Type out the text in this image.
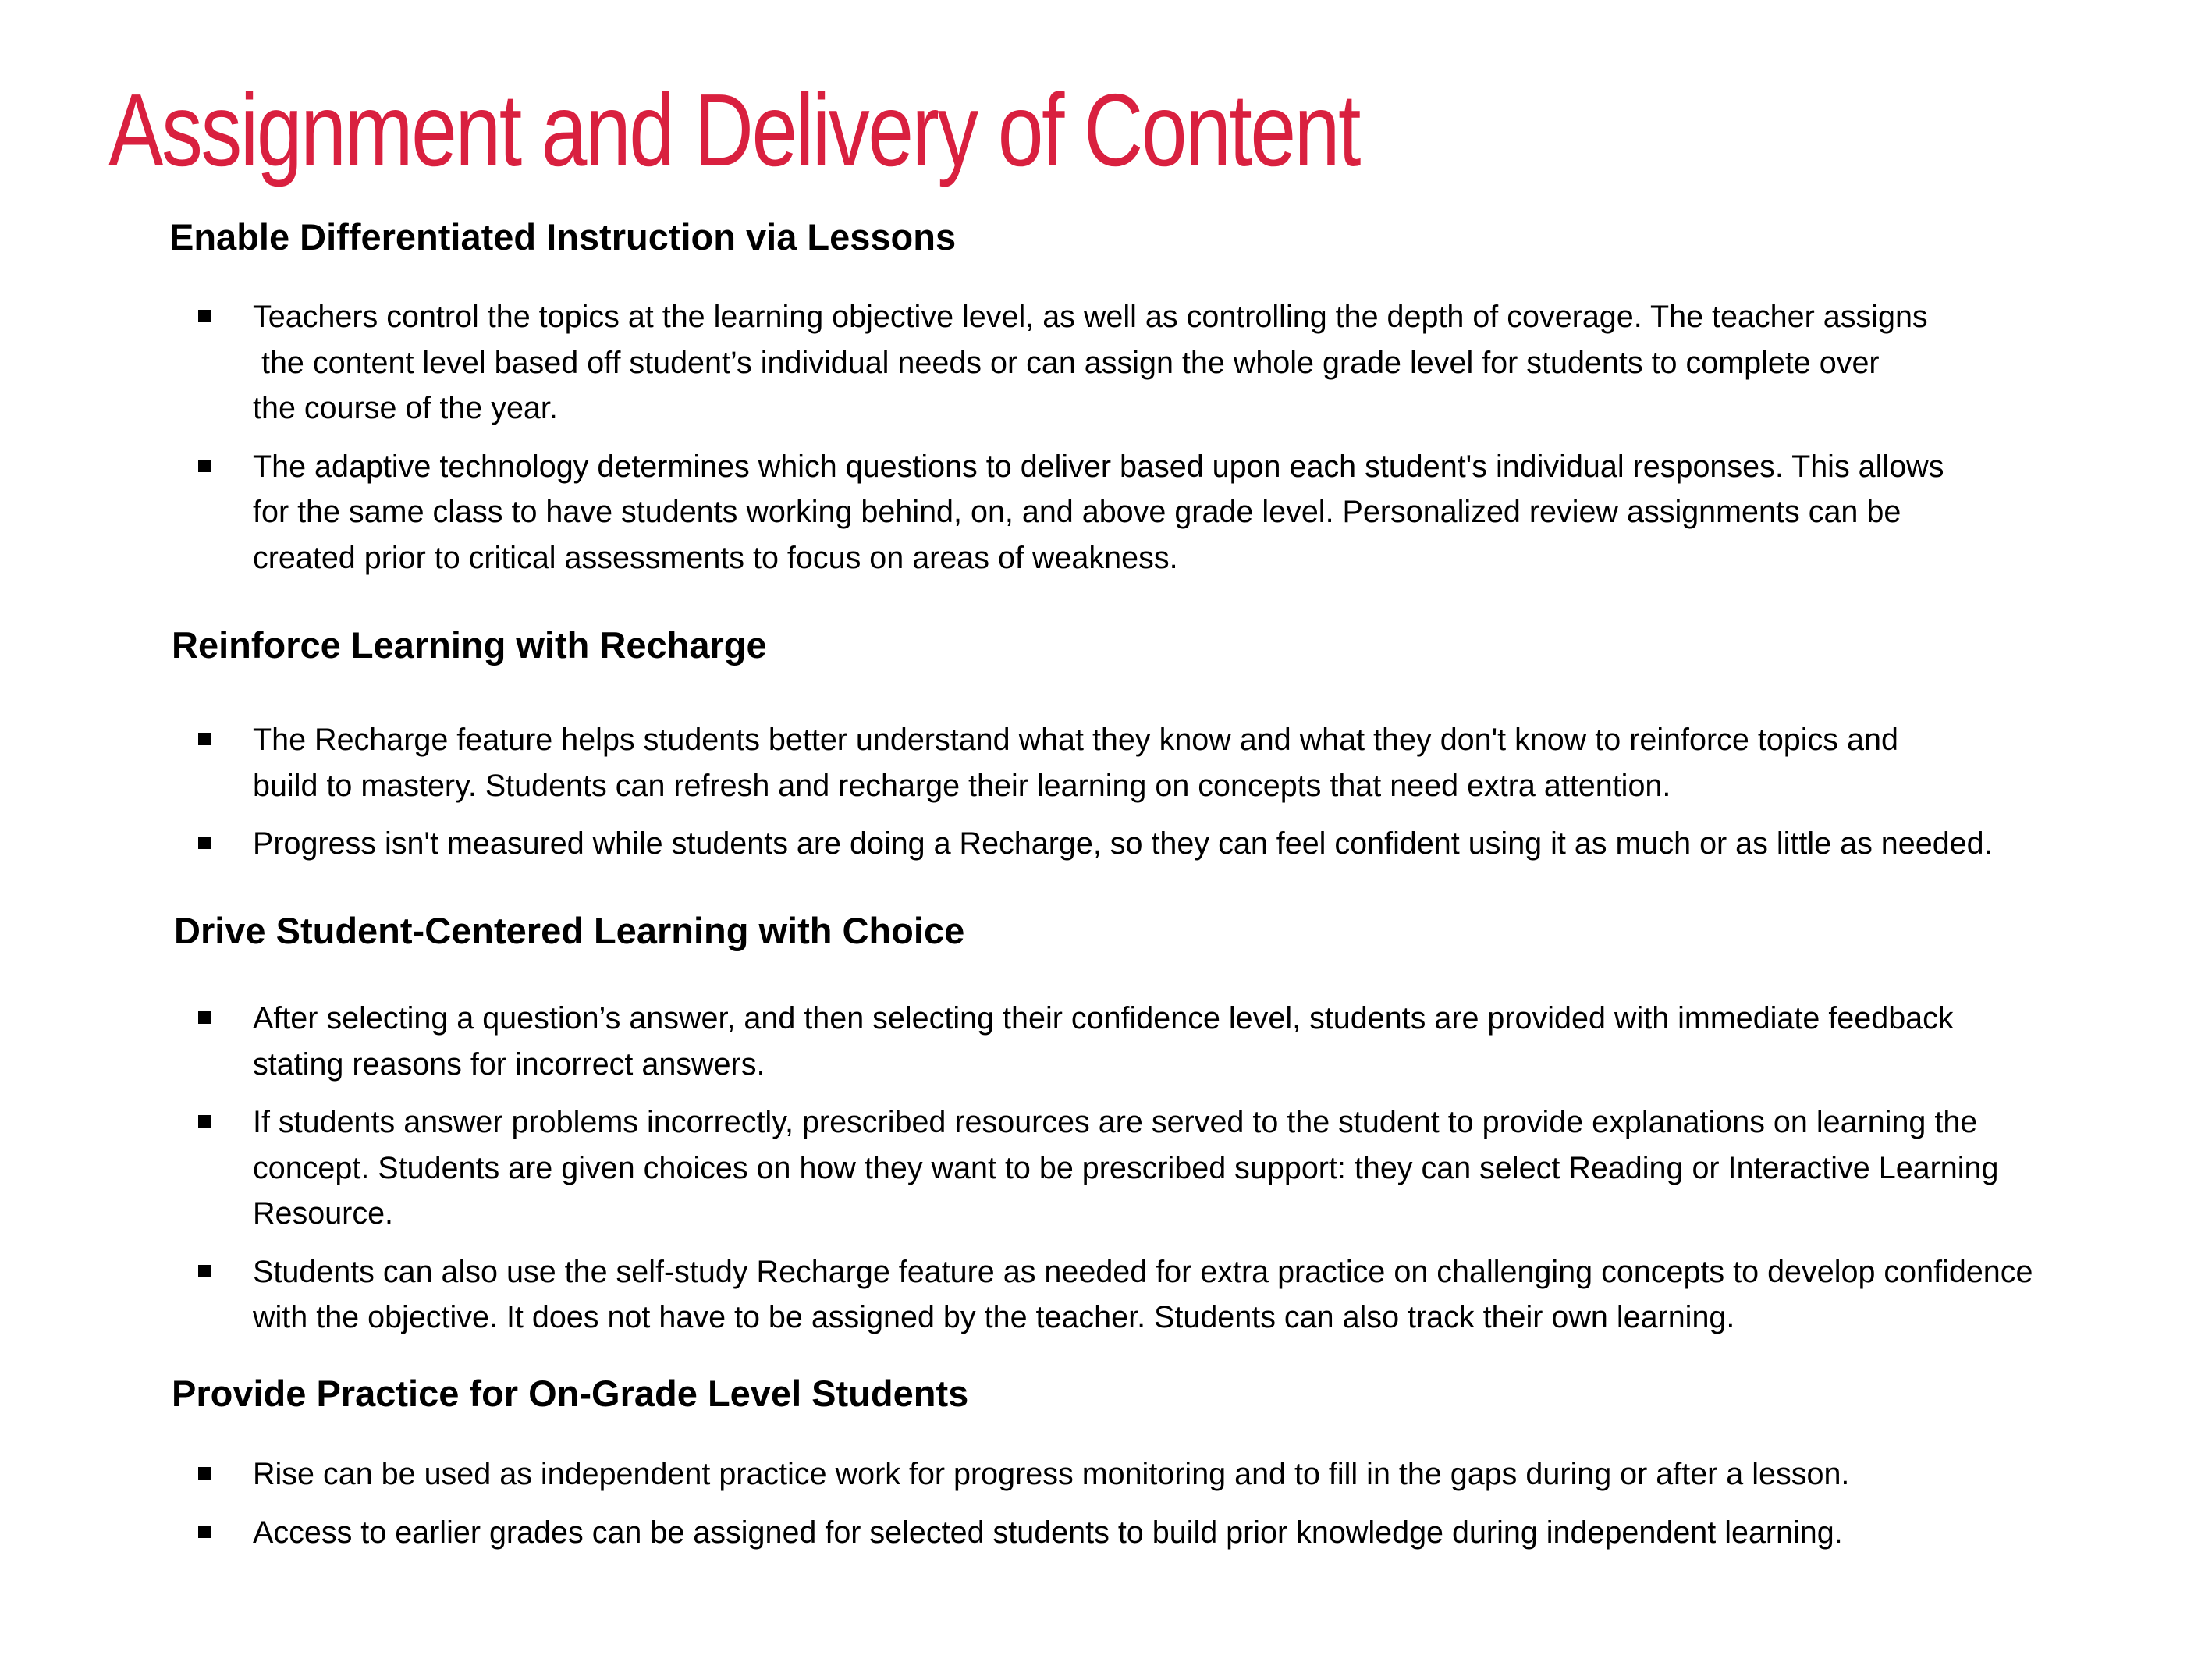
Assignment and Delivery of Content
Enable Differentiated Instruction via Lessons
Teachers control the topics at the learning objective level, as well as controlling the depth of coverage. The teacher assigns
the content level based off student’s individual needs or can assign the whole grade level for students to complete over
the course of the year.
The adaptive technology determines which questions to deliver based upon each student's individual responses. This allows
for the same class to have students working behind, on, and above grade level. Personalized review assignments can be
created prior to critical assessments to focus on areas of weakness.
Reinforce Learning with Recharge
The Recharge feature helps students better understand what they know and what they don't know to reinforce topics and
build to mastery. Students can refresh and recharge their learning on concepts that need extra attention.
Progress isn't measured while students are doing a Recharge, so they can feel confident using it as much or as little as needed.
Drive Student-Centered Learning with Choice
After selecting a question’s answer, and then selecting their confidence level, students are provided with immediate feedback
stating reasons for incorrect answers.
If students answer problems incorrectly, prescribed resources are served to the student to provide explanations on learning the
concept. Students are given choices on how they want to be prescribed support: they can select Reading or Interactive Learning
Resource.
Students can also use the self-study Recharge feature as needed for extra practice on challenging concepts to develop confidence
with the objective. It does not have to be assigned by the teacher. Students can also track their own learning.
Provide Practice for On-Grade Level Students
Rise can be used as independent practice work for progress monitoring and to fill in the gaps during or after a lesson.
Access to earlier grades can be assigned for selected students to build prior knowledge during independent learning.
